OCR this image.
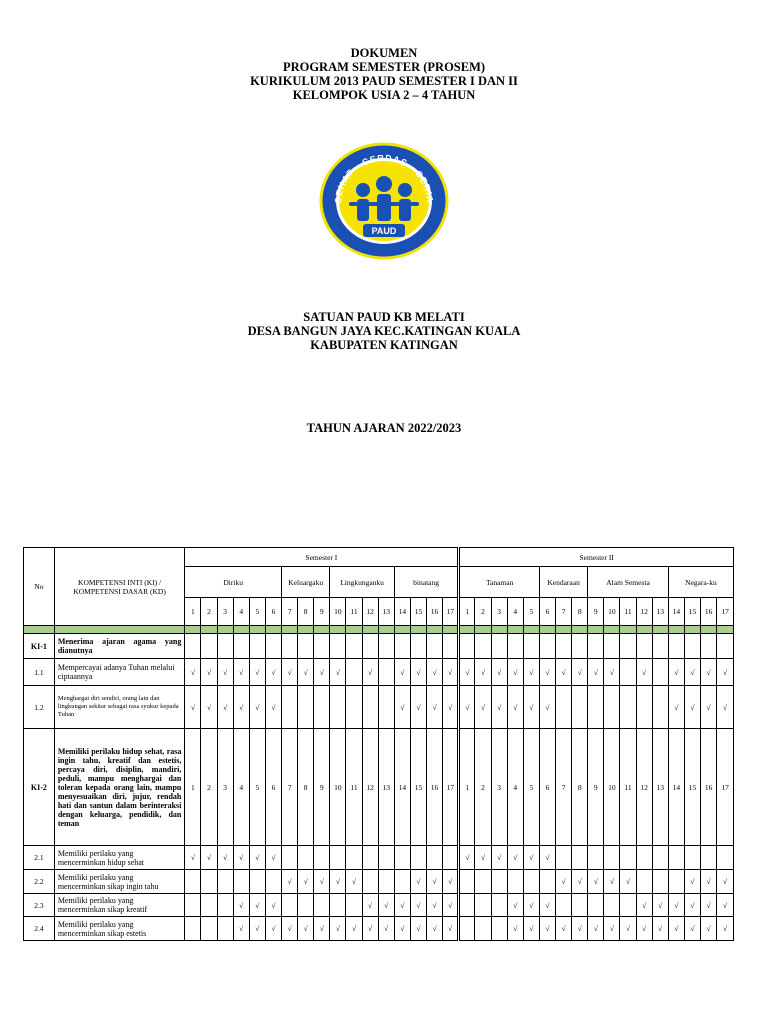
DOKUMEN
PROGRAM SEMESTER (PROSEM)
KURIKULUM 2013 PAUD SEMESTER I DAN II
KELOMPOK USIA 2 – 4 TAHUN
SEHAT - CERDAS - CERIA
PAUD
SATUAN PAUD KB MELATI
DESA BANGUN JAYA KEC.KATINGAN KUALA
KABUPATEN KATINGAN
TAHUN AJARAN 2022/2023
No	KOMPETENSI INTI (KI) / KOMPETENSI DASAR (KD)	Semester I																	Semester II																
		Diriku						Keluargaku			Lingkunganku				binatang				Tanaman					Kendaraan			Alam Semesta					Negara-ku			
		1	2	3	4	5	6	7	8	9	10	11	12	13	14	15	16	17	1	2	3	4	5	6	7	8	9	10	11	12	13	14	15	16	17

KI-1	Menerima ajaran agama yang dianutnya																																		
1.1	Mempercayai adanya Tuhan melalui ciptaannya	√	√	√	√	√	√	√	√	√	√		√		√	√	√	√	√	√	√	√	√	√	√	√	√	√		√		√	√	√	√
1.2	Menghargai diri sendiri, orang lain dan lingkungan sekitar sebagai rasa syukur kepada Tuhan	√	√	√	√	√	√								√	√	√	√	√	√	√	√	√	√								√	√	√	√
KI-2	Memiliki perilaku hidup sehat, rasa ingin tahu, kreatif dan estetis, percaya diri, disiplin, mandiri, peduli, mampu menghargai dan toleran kepada orang lain, mampu menyesuaikan diri, jujur, rendah hati dan santun dalam berinteraksi dengan keluarga, pendidik, dan teman	1	2	3	4	5	6	7	8	9	10	11	12	13	14	15	16	17	1	2	3	4	5	6	7	8	9	10	11	12	13	14	15	16	17
2.1	Memiliki perilaku yang mencerminkan hidup sehat	√	√	√	√	√	√												√	√	√	√	√	√											
2.2	Memiliki perilaku yang mencerminkan sikap ingin tahu							√	√	√	√	√				√	√	√							√	√	√	√	√				√	√	√
2.3	Memiliki perilaku yang mencerminkan sikap kreatif				√	√	√						√	√	√	√	√	√				√	√	√						√	√	√	√	√	√
2.4	Memiliki perilaku yang mencerminkan sikap estetis				√	√	√	√	√	√	√	√	√	√	√	√	√	√				√	√	√	√	√	√	√	√	√	√	√	√	√	√
